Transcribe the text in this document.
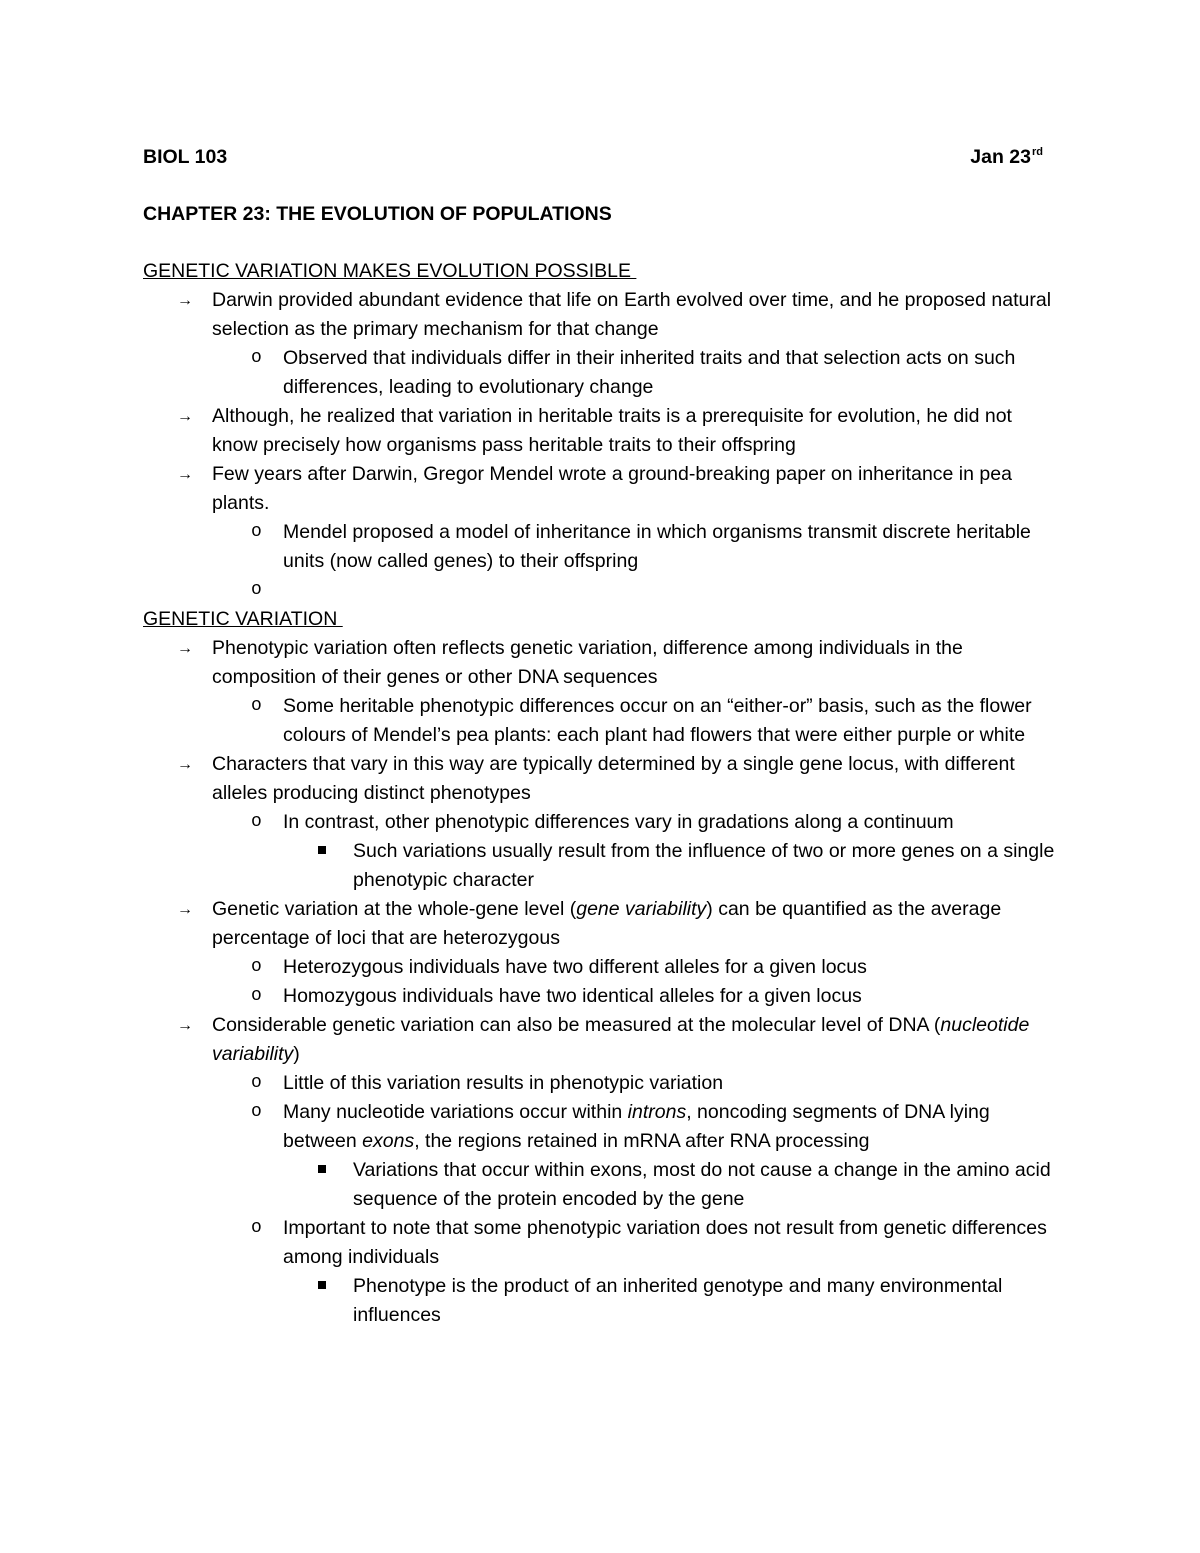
BIOL 103	Jan 23rd
CHAPTER 23: THE EVOLUTION OF POPULATIONS
GENETIC VARIATION MAKES EVOLUTION POSSIBLE
→ Darwin provided abundant evidence that life on Earth evolved over time, and he proposed natural selection as the primary mechanism for that change
o Observed that individuals differ in their inherited traits and that selection acts on such differences, leading to evolutionary change
→ Although, he realized that variation in heritable traits is a prerequisite for evolution, he did not know precisely how organisms pass heritable traits to their offspring
→ Few years after Darwin, Gregor Mendel wrote a ground-breaking paper on inheritance in pea plants.
o Mendel proposed a model of inheritance in which organisms transmit discrete heritable units (now called genes) to their offspring
o
GENETIC VARIATION
→ Phenotypic variation often reflects genetic variation, difference among individuals in the composition of their genes or other DNA sequences
o Some heritable phenotypic differences occur on an “either-or” basis, such as the flower colours of Mendel’s pea plants: each plant had flowers that were either purple or white
→ Characters that vary in this way are typically determined by a single gene locus, with different alleles producing distinct phenotypes
o In contrast, other phenotypic differences vary in gradations along a continuum
Such variations usually result from the influence of two or more genes on a single phenotypic character
→ Genetic variation at the whole-gene level (gene variability) can be quantified as the average percentage of loci that are heterozygous
o Heterozygous individuals have two different alleles for a given locus
o Homozygous individuals have two identical alleles for a given locus
→ Considerable genetic variation can also be measured at the molecular level of DNA (nucleotide variability)
o Little of this variation results in phenotypic variation
o Many nucleotide variations occur within introns, noncoding segments of DNA lying between exons, the regions retained in mRNA after RNA processing
Variations that occur within exons, most do not cause a change in the amino acid sequence of the protein encoded by the gene
o Important to note that some phenotypic variation does not result from genetic differences among individuals
Phenotype is the product of an inherited genotype and many environmental influences
